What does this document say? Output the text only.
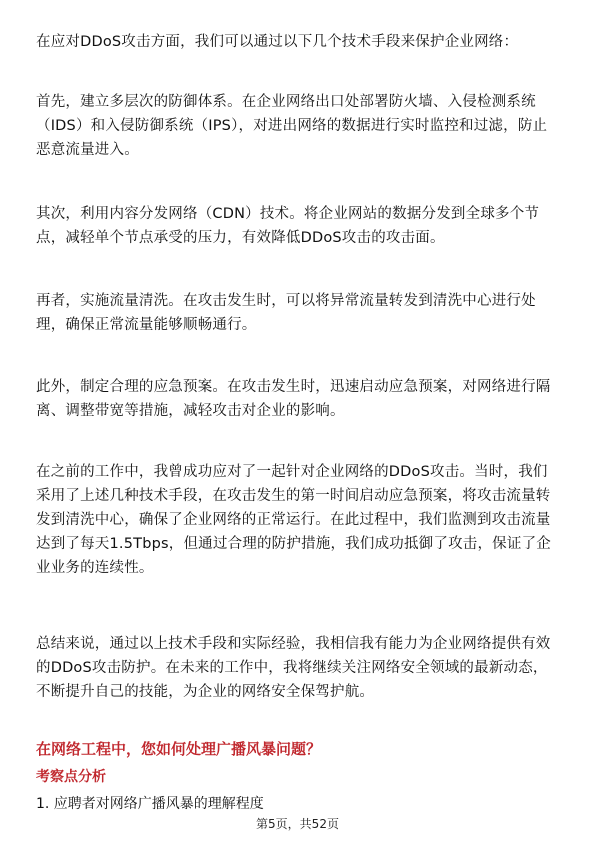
在应对DDoS攻击方面，我们可以通过以下几个技术手段来保护企业网络：

首先，建立多层次的防御体系。在企业网络出口处部署防火墙、入侵检测系统（IDS）和入侵防御系统（IPS），对进出网络的数据进行实时监控和过滤，防止恶意流量进入。

其次，利用内容分发网络（CDN）技术。将企业网站的数据分发到全球多个节点，减轻单个节点承受的压力，有效降低DDoS攻击的攻击面。

再者，实施流量清洗。在攻击发生时，可以将异常流量转发到清洗中心进行处理，确保正常流量能够顺畅通行。

此外，制定合理的应急预案。在攻击发生时，迅速启动应急预案，对网络进行隔离、调整带宽等措施，减轻攻击对企业的影响。

在之前的工作中，我曾成功应对了一起针对企业网络的DDoS攻击。当时，我们采用了上述几种技术手段，在攻击发生的第一时间启动应急预案，将攻击流量转发到清洗中心，确保了企业网络的正常运行。在此过程中，我们监测到攻击流量达到了每天1.5Tbps，但通过合理的防护措施，我们成功抵御了攻击，保证了企业业务的连续性。

总结来说，通过以上技术手段和实际经验，我相信我有能力为企业网络提供有效的DDoS攻击防护。在未来的工作中，我将继续关注网络安全领域的最新动态，不断提升自己的技能，为企业的网络安全保驾护航。

在网络工程中，您如何处理广播风暴问题？
考察点分析

1. 应聘者对网络广播风暴的理解程度

第5页，共52页
